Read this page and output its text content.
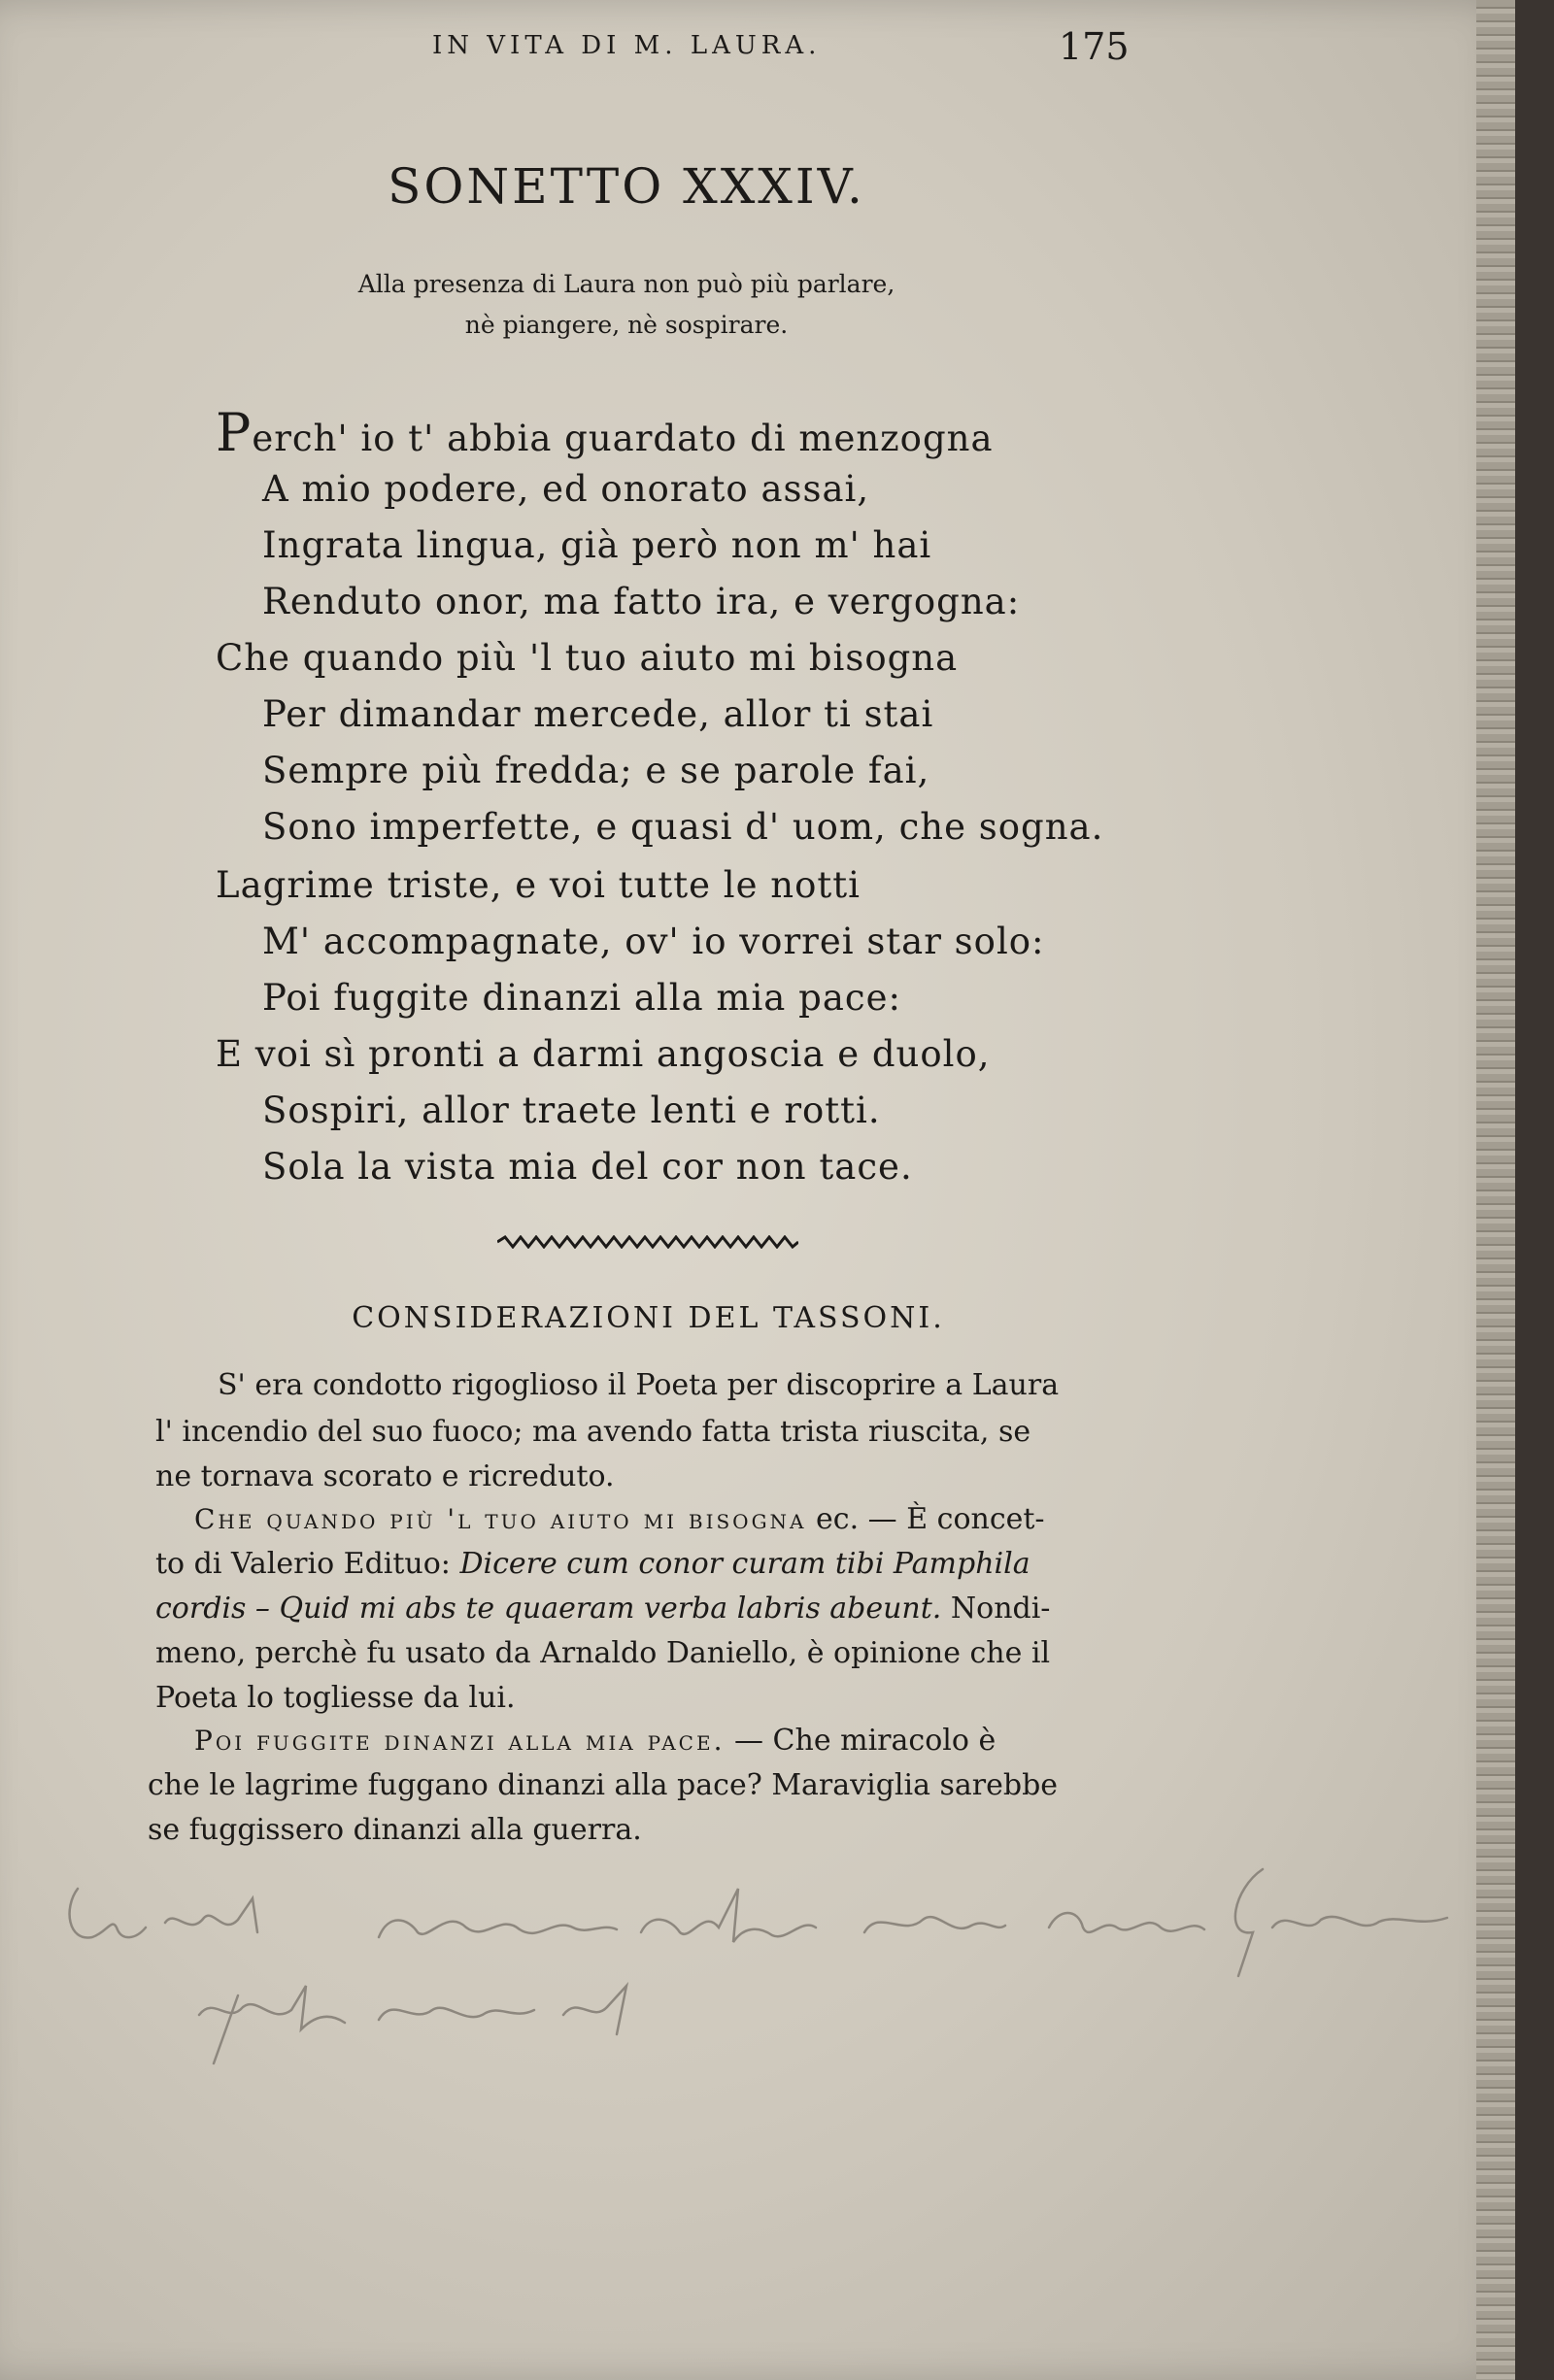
IN VITA DI M. LAURA.	175
SONETTO XXXIV.
Alla presenza di Laura non può più parlare,
nè piangere, nè sospirare.
Perch' io t' abbia guardato di menzogna
A mio podere, ed onorato assai,
Ingrata lingua, già però non m' hai
Renduto onor, ma fatto ira, e vergogna:
Che quando più 'l tuo aiuto mi bisogna
Per dimandar mercede, allor ti stai
Sempre più fredda; e se parole fai,
Sono imperfette, e quasi d' uom, che sogna.
Lagrime triste, e voi tutte le notti
M' accompagnate, ov' io vorrei star solo:
Poi fuggite dinanzi alla mia pace:
E voi sì pronti a darmi angoscia e duolo,
Sospiri, allor traete lenti e rotti.
Sola la vista mia del cor non tace.
CONSIDERAZIONI DEL TASSONI.
S' era condotto rigoglioso il Poeta per discoprire a Laura
l' incendio del suo fuoco; ma avendo fatta trista riuscita, se
ne tornava scorato e ricreduto.
Che quando più 'l tuo aiuto mi bisogna ec. — È concet-
to di Valerio Edituo: Dicere cum conor curam tibi Pamphila
cordis – Quid mi abs te quaeram verba labris abeunt. Nondi-
meno, perchè fu usato da Arnaldo Daniello, è opinione che il
Poeta lo togliesse da lui.
Poi fuggite dinanzi alla mia pace. — Che miracolo è
che le lagrime fuggano dinanzi alla pace? Maraviglia sarebbe
se fuggissero dinanzi alla guerra.
